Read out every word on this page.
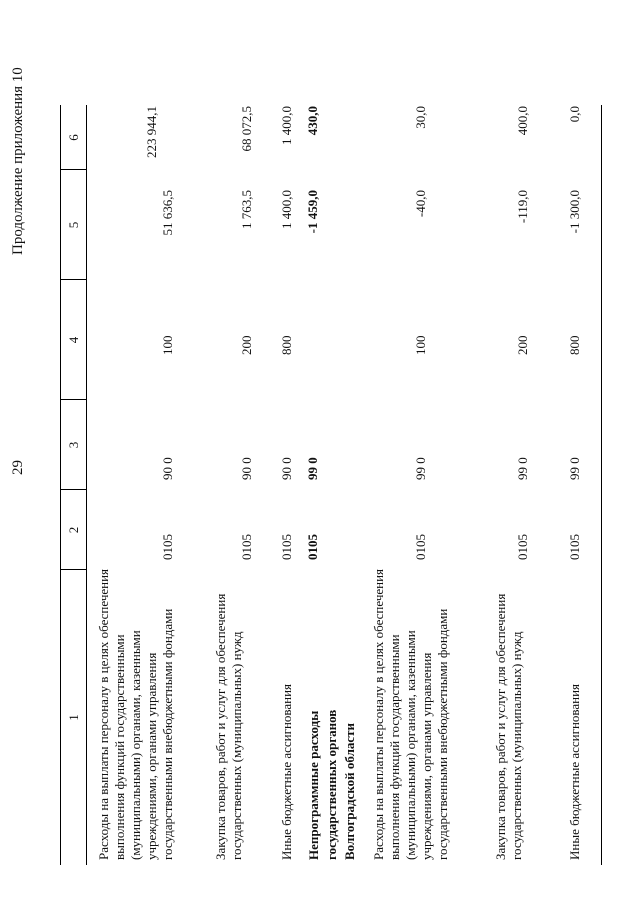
29
Продолжение приложения 10
1
2
3
4
5
6
Расходы на выплаты персоналу в целях обеспечения выполнения функций государственными (муниципальными) органами, казенными учреждениями, органами управления государственными внебюджетными фондами
0105
90 0
100
51 636,5
223 944,1
Закупка товаров, работ и услуг для обеспечения государственных (муниципальных) нужд
0105
90 0
200
1 763,5
68 072,5
Иные бюджетные ассигнования
0105
90 0
800
1 400,0
1 400,0
Непрограммные расходы государственных органов Волгоградской области
0105
99 0
-1 459,0
430,0
Расходы на выплаты персоналу в целях обеспечения выполнения функций государственными (муниципальными) органами, казенными учреждениями, органами управления государственными внебюджетными фондами
0105
99 0
100
-40,0
30,0
Закупка товаров, работ и услуг для обеспечения государственных (муниципальных) нужд
0105
99 0
200
-119,0
400,0
Иные бюджетные ассигнования
0105
99 0
800
-1 300,0
0,0
